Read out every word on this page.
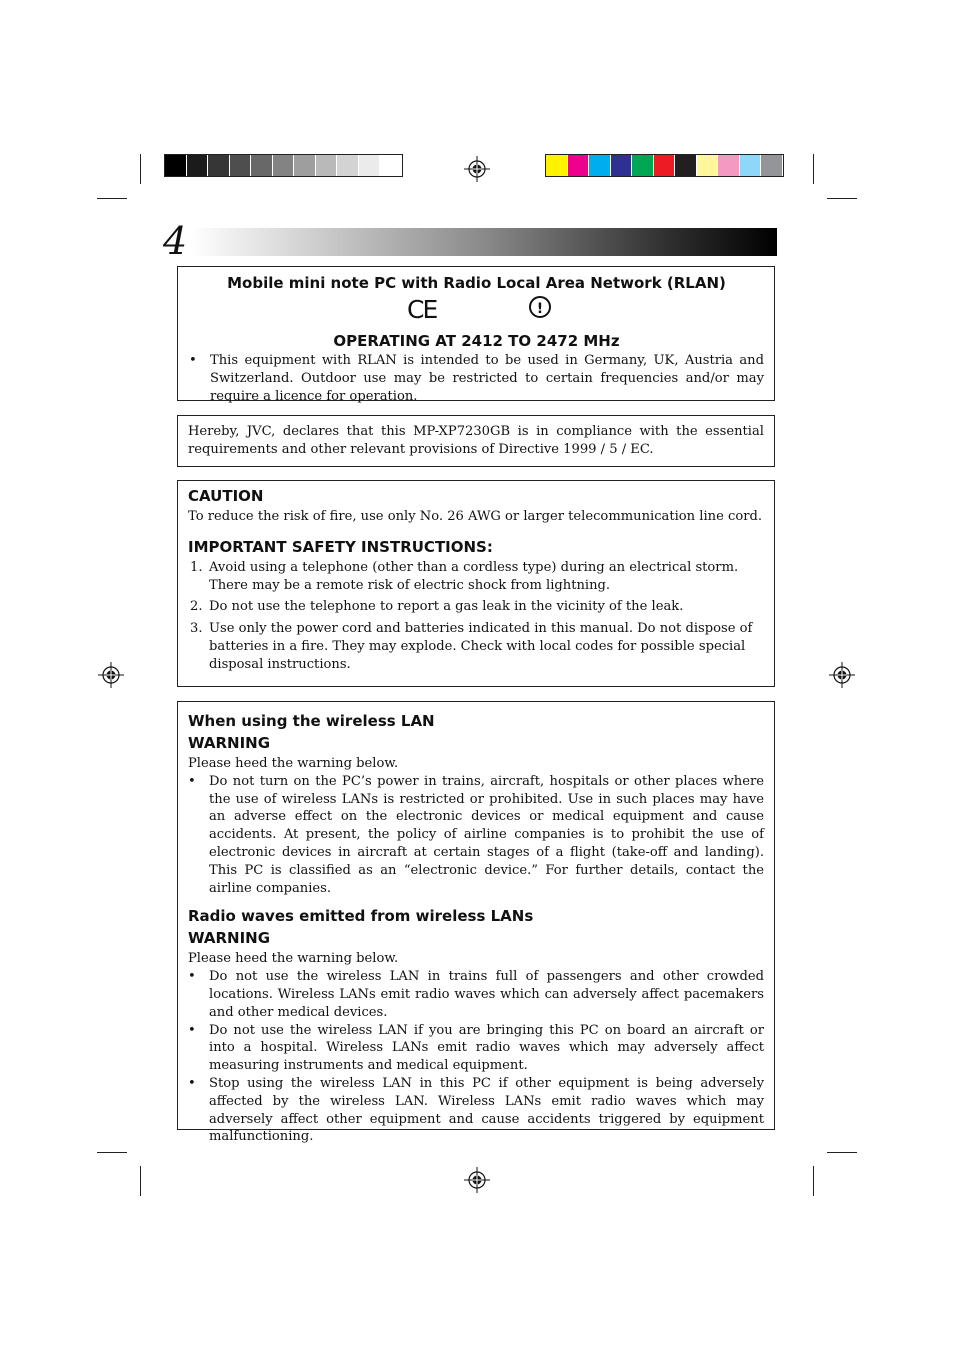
4
Mobile mini note PC with Radio Local Area Network (RLAN)
CE	!
OPERATING AT 2412 TO 2472 MHz
• This equipment with RLAN is intended to be used in Germany, UK, Austria and Switzerland. Outdoor use may be restricted to certain frequencies and/or may require a licence for operation.
Hereby, JVC, declares that this MP-XP7230GB is in compliance with the essential requirements and other relevant provisions of Directive 1999 / 5 / EC.
CAUTION
To reduce the risk of fire, use only No. 26 AWG or larger telecommunication line cord.
IMPORTANT SAFETY INSTRUCTIONS:
1. Avoid using a telephone (other than a cordless type) during an electrical storm. There may be a remote risk of electric shock from lightning.
2. Do not use the telephone to report a gas leak in the vicinity of the leak.
3. Use only the power cord and batteries indicated in this manual. Do not dispose of batteries in a fire. They may explode. Check with local codes for possible special disposal instructions.
When using the wireless LAN
WARNING
Please heed the warning below.
• Do not turn on the PC’s power in trains, aircraft, hospitals or other places where the use of wireless LANs is restricted or prohibited. Use in such places may have an adverse effect on the electronic devices or medical equipment and cause accidents. At present, the policy of airline companies is to prohibit the use of electronic devices in aircraft at certain stages of a flight (take-off and landing). This PC is classified as an “electronic device.” For further details, contact the airline companies.
Radio waves emitted from wireless LANs
WARNING
Please heed the warning below.
• Do not use the wireless LAN in trains full of passengers and other crowded locations. Wireless LANs emit radio waves which can adversely affect pacemakers and other medical devices.
• Do not use the wireless LAN if you are bringing this PC on board an aircraft or into a hospital. Wireless LANs emit radio waves which may adversely affect measuring instruments and medical equipment.
• Stop using the wireless LAN in this PC if other equipment is being adversely affected by the wireless LAN. Wireless LANs emit radio waves which may adversely affect other equipment and cause accidents triggered by equipment malfunctioning.
